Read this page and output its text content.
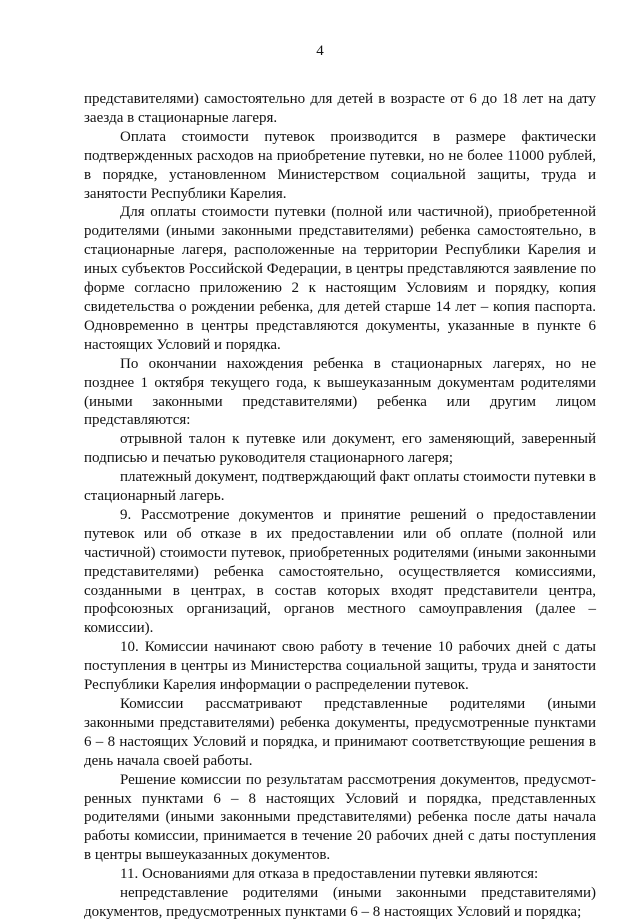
4

представителями) самостоятельно для детей в возрасте от 6 до 18 лет на дату заезда в стационарные лагеря.

Оплата стоимости путевок производится в размере фактически подтвержденных расходов на приобретение путевки, но не более 11000 рублей, в порядке, установленном Министерством социальной защиты, труда и занятости Республики Карелия.

Для оплаты стоимости путевки (полной или частичной), приобретенной родителями (иными законными представителями) ребенка самостоятельно, в стационарные лагеря, расположенные на территории Республики Карелия и иных субъектов Российской Федерации, в центры представляются заявление по форме согласно приложению 2 к настоящим Условиям и порядку, копия свидетельства о рождении ребенка, для детей старше 14 лет – копия паспорта. Одновременно в центры представляются документы, указанные в пункте 6 настоящих Условий и порядка.

По окончании нахождения ребенка в стационарных лагерях, но не позднее 1 октября текущего года, к вышеуказанным документам родителями (иными законными представителями) ребенка или другим лицом представляются:

отрывной талон к путевке или документ, его заменяющий, заверенный подписью и печатью руководителя стационарного лагеря;

платежный документ, подтверждающий факт оплаты стоимости путевки в стационарный лагерь.

9. Рассмотрение документов и принятие решений о предоставлении путевок или об отказе в их предоставлении или об оплате (полной или частичной) стоимости путевок, приобретенных родителями (иными законными представителями) ребенка самостоятельно, осуществляется комиссиями, созданными в центрах, в состав которых входят представители центра, профсоюзных организаций, органов местного самоуправления (далее – комиссии).

10. Комиссии начинают свою работу в течение 10 рабочих дней с даты поступления в центры из Министерства социальной защиты, труда и занятости Республики Карелия информации о распределении путевок.

Комиссии рассматривают представленные родителями (иными законными представителями) ребенка документы, предусмотренные пунктами 6 – 8 настоящих Условий и порядка, и принимают соответствующие решения в день начала своей работы.

Решение комиссии по результатам рассмотрения документов, предусмот-ренных пунктами 6 – 8 настоящих Условий и порядка, представленных родителями (иными законными представителями) ребенка после даты начала работы комиссии, принимается в течение 20 рабочих дней с даты поступления в центры вышеуказанных документов.

11. Основаниями для отказа в предоставлении путевки являются:

непредставление родителями (иными законными представителями) документов, предусмотренных пунктами 6 – 8 настоящих Условий и порядка;
